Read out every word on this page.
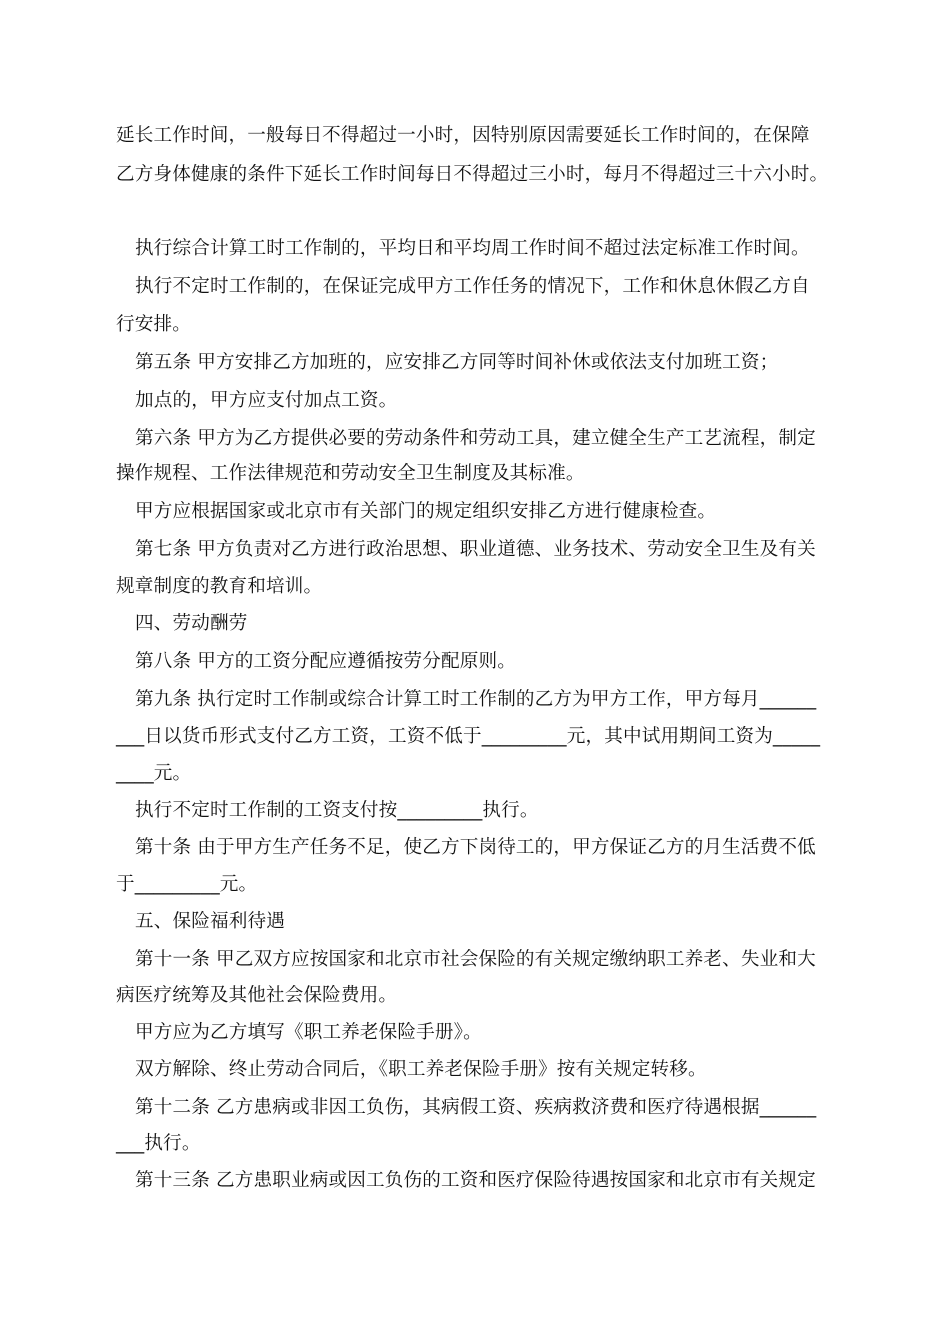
延长工作时间，一般每日不得超过一小时，因特别原因需要延长工作时间的，在保障
乙方身体健康的条件下延长工作时间每日不得超过三小时，每月不得超过三十六小时。
执行综合计算工时工作制的，平均日和平均周工作时间不超过法定标准工作时间。
执行不定时工作制的，在保证完成甲方工作任务的情况下，工作和休息休假乙方自
行安排。
第五条 甲方安排乙方加班的，应安排乙方同等时间补休或依法支付加班工资；
加点的，甲方应支付加点工资。
第六条 甲方为乙方提供必要的劳动条件和劳动工具，建立健全生产工艺流程，制定
操作规程、工作法律规范和劳动安全卫生制度及其标准。
甲方应根据国家或北京市有关部门的规定组织安排乙方进行健康检查。
第七条 甲方负责对乙方进行政治思想、职业道德、业务技术、劳动安全卫生及有关
规章制度的教育和培训。
四、劳动酬劳
第八条 甲方的工资分配应遵循按劳分配原则。
第九条 执行定时工作制或综合计算工时工作制的乙方为甲方工作，甲方每月______
___日以货币形式支付乙方工资，工资不低于_________元，其中试用期间工资为_____
____元。
执行不定时工作制的工资支付按_________执行。
第十条 由于甲方生产任务不足，使乙方下岗待工的，甲方保证乙方的月生活费不低
于_________元。
五、保险福利待遇
第十一条 甲乙双方应按国家和北京市社会保险的有关规定缴纳职工养老、失业和大
病医疗统筹及其他社会保险费用。
甲方应为乙方填写《职工养老保险手册》。
双方解除、终止劳动合同后，《职工养老保险手册》按有关规定转移。
第十二条 乙方患病或非因工负伤，其病假工资、疾病救济费和医疗待遇根据______
___执行。
第十三条 乙方患职业病或因工负伤的工资和医疗保险待遇按国家和北京市有关规定
